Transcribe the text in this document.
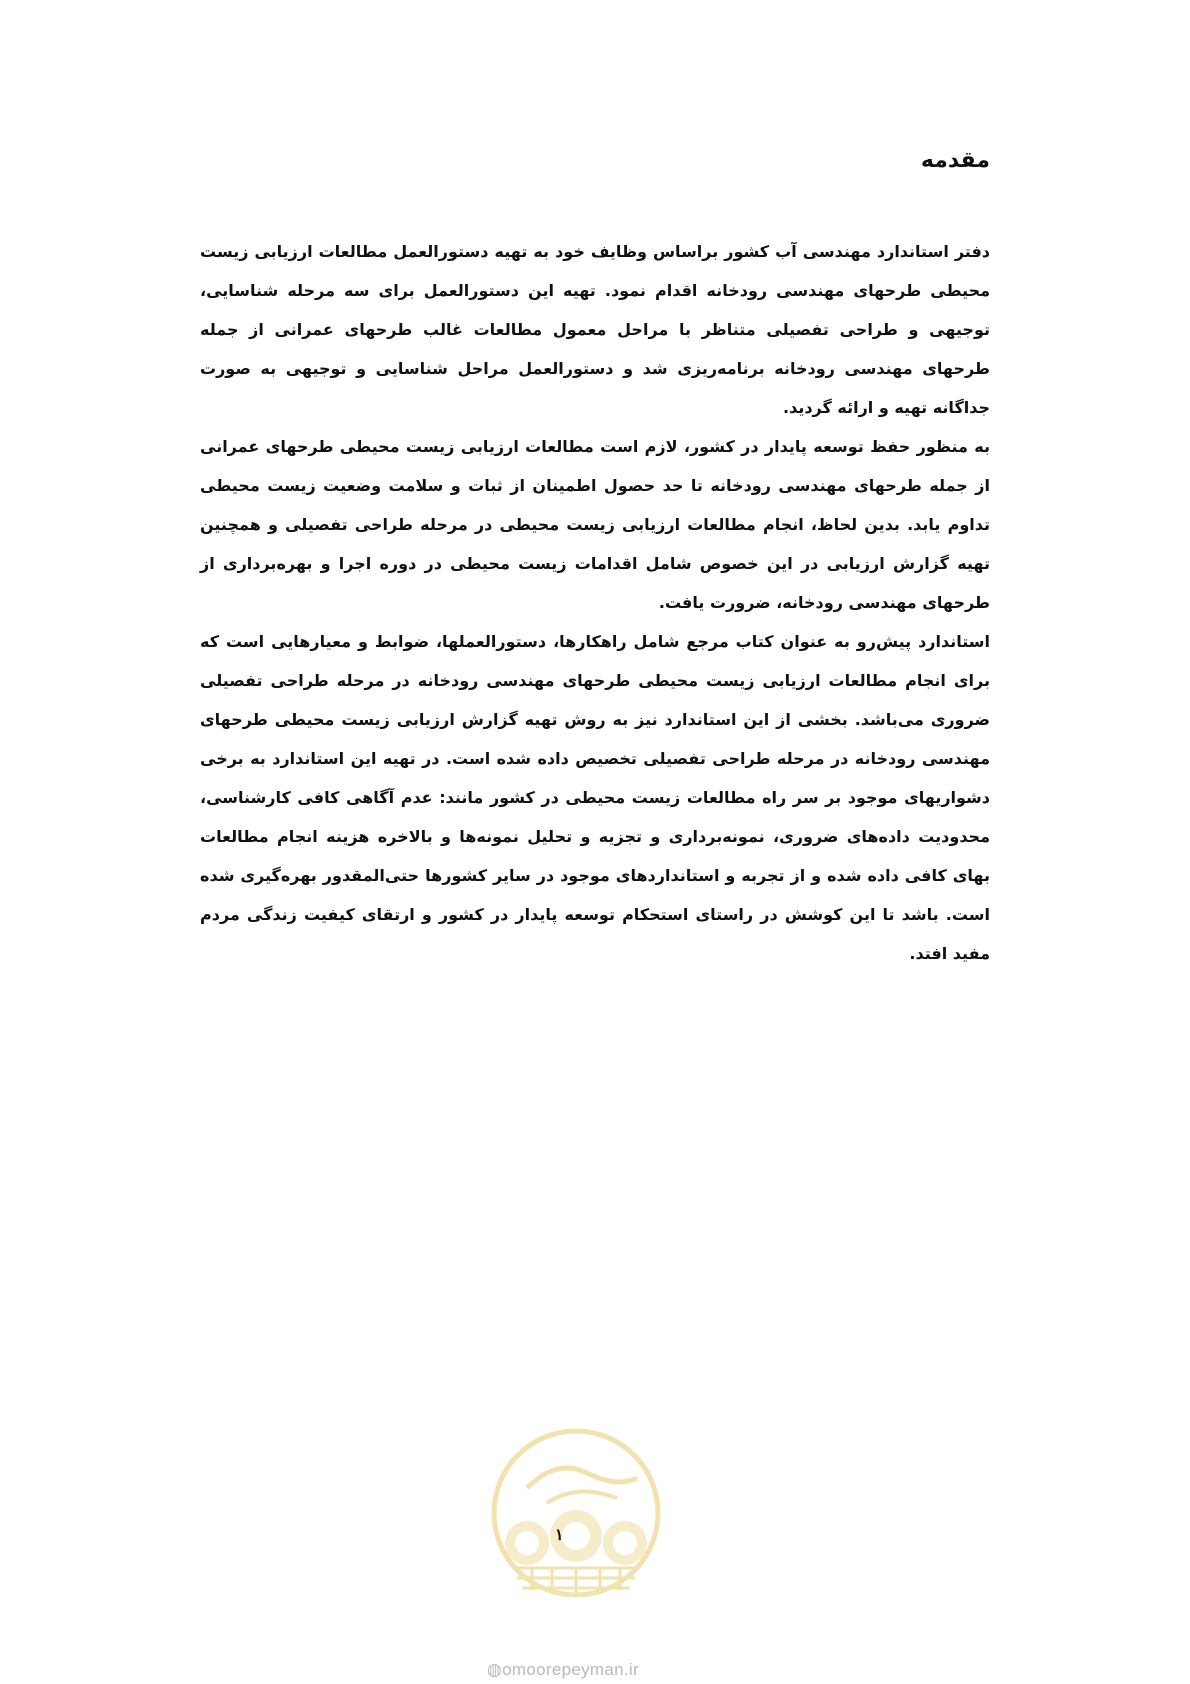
مقدمه

دفتر استاندارد مهندسی آب کشور براساس وظایف خود به تهیه دستورالعمل مطالعات ارزیابی زیست محیطی طرحهای مهندسی رودخانه اقدام نمود. تهیه این دستورالعمل برای سه مرحله شناسایی، توجیهی و طراحی تفصیلی متناظر با مراحل معمول مطالعات غالب طرحهای عمرانی از جمله طرحهای مهندسی رودخانه برنامه‌ریزی شد و دستورالعمل مراحل شناسایی و توجیهی به صورت جداگانه تهیه و ارائه گردید.

به منظور حفظ توسعه پایدار در کشور، لازم است مطالعات ارزیابی زیست محیطی طرحهای عمرانی از جمله طرحهای مهندسی رودخانه تا حد حصول اطمینان از ثبات و سلامت وضعیت زیست محیطی تداوم یابد. بدین لحاظ، انجام مطالعات ارزیابی زیست محیطی در مرحله طراحی تفصیلی و همچنین تهیه گزارش ارزیابی در این خصوص شامل اقدامات زیست محیطی در دوره اجرا و بهره‌برداری از طرحهای مهندسی رودخانه، ضرورت یافت.

استاندارد پیش‌رو به عنوان کتاب مرجع شامل راهکارها، دستورالعملها، ضوابط و معیارهایی است که برای انجام مطالعات ارزیابی زیست محیطی طرحهای مهندسی رودخانه در مرحله طراحی تفصیلی ضروری می‌باشد. بخشی از این استاندارد نیز به روش تهیه گزارش ارزیابی زیست محیطی طرحهای مهندسی رودخانه در مرحله طراحی تفصیلی تخصیص داده شده است. در تهیه این استاندارد به برخی دشواریهای موجود بر سر راه مطالعات زیست محیطی در کشور مانند: عدم آگاهی کافی کارشناسی، محدودیت داده‌های ضروری، نمونه‌برداری و تجزیه و تحلیل نمونه‌ها و بالاخره هزینه انجام مطالعات بهای کافی داده شده و از تجربه و استانداردهای موجود در سایر کشورها حتی‌المقدور بهره‌گیری شده است. باشد تا این کوشش در راستای استحکام توسعه پایدار در کشور و ارتقای کیفیت زندگی مردم مفید افتد.

۱
◍omoorepeyman.ir
